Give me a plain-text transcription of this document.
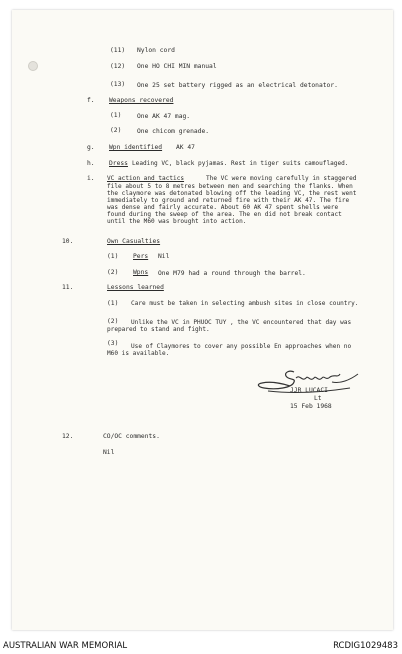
(11) Nylon cord
(12) One HO CHI MIN manual
(13) One 25 set battery rigged as an electrical detonator.
f. Weapons recovered
(1) One AK 47 mag.
(2) One chicom grenade.
g. Wpn identified AK 47
h. Dress Leading VC, black pyjamas. Rest in tiger suits camouflaged.
i. VC action and tactics	The VC were moving carefully in staggered
file about 5 to 8 metres between men and searching the flanks. When
the claymore was detonated blowing off the leading VC, the rest went
immediately to ground and returned fire with their AK 47. The fire
was dense and fairly accurate. About 60 AK 47 spent shells were
found during the sweep of the area. The en did not break contact
until the M60 was brought into action.
10.	Own Casualties
(1) Pers Nil
(2) Wpns One M79 had a round through the barrel.
11.	Lessons learned
(1) Care must be taken in selecting ambush sites in close country.
(2) Unlike the VC in PHUOC TUY , the VC encountered that day was
prepared to stand and fight.
(3) Use of Claymores to cover any possible En approaches when no
M60 is available.
JJR LUCACI
Lt
15 Feb 1968
12.	CO/OC comments.
Nil
AUSTRALIAN WAR MEMORIAL	RCDIG1029483
